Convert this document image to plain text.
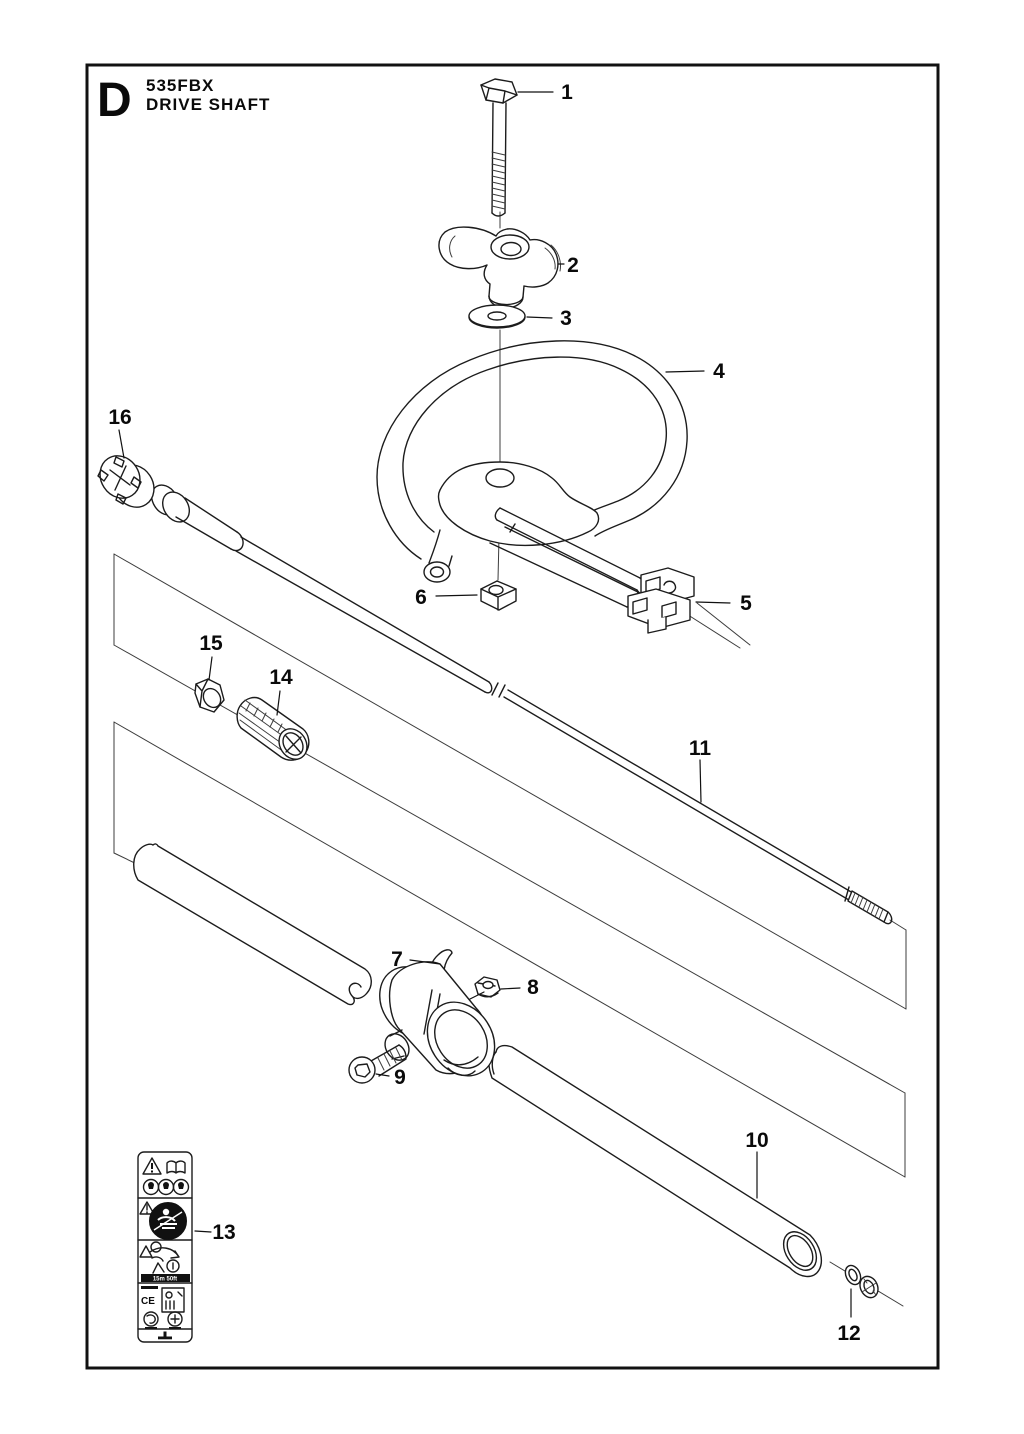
D 535FBX
DRIVE SHAFT
15m 50ft
CE
1
2
3
4
5
6
7
8
9
10
11
12
13
14
15
16
